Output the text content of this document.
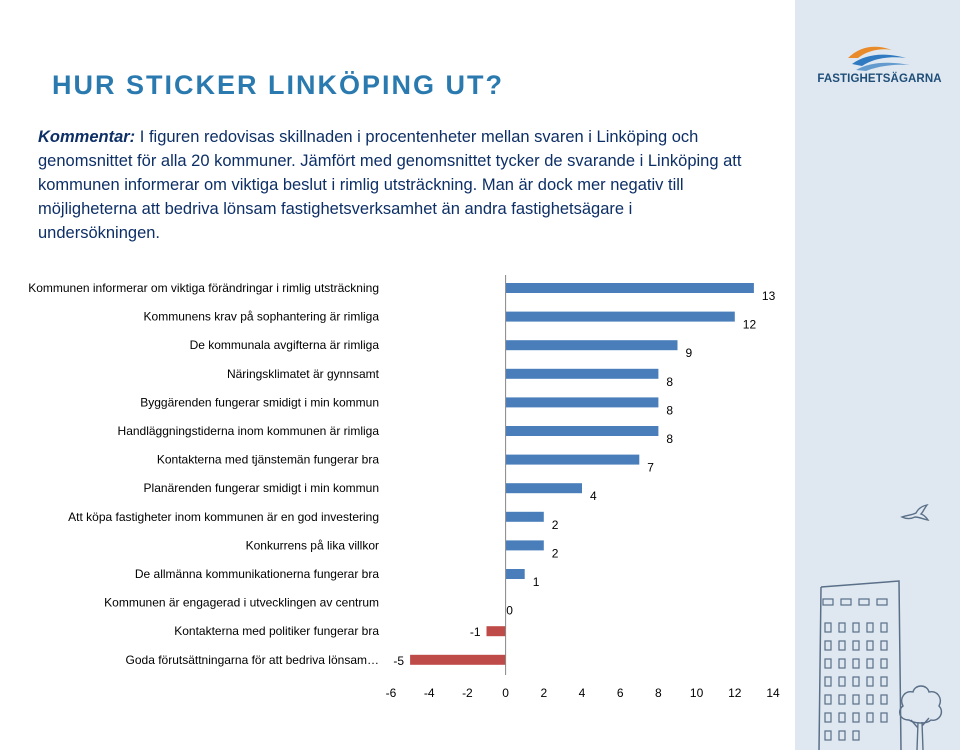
FASTIGHETSÄGARNA
HUR STICKER LINKÖPING UT?
Kommentar: I figuren redovisas skillnaden i procentenheter mellan svaren i Linköping och genomsnittet för alla 20 kommuner. Jämfört med genomsnittet tycker de svarande i Linköping att kommunen informerar om viktiga beslut i rimlig utsträckning. Man är dock mer negativ till möjligheterna att bedriva lönsam fastighetsverksamhet än andra fastighetsägare i undersökningen.
Kommunen informerar om viktiga förändringar i rimlig utsträckning
Kommunens krav på sophantering är rimliga
De kommunala avgifterna är rimliga
Näringsklimatet är gynnsamt
Byggärenden fungerar smidigt i min kommun
Handläggningstiderna inom kommunen är rimliga
Kontakterna med tjänstemän fungerar bra
Planärenden fungerar smidigt i min kommun
Att köpa fastigheter inom kommunen är en god investering
Konkurrens på lika villkor
De allmänna kommunikationerna fungerar bra
Kommunen är engagerad i utvecklingen av centrum
Kontakterna med politiker fungerar bra
Goda förutsättningarna för att bedriva lönsam…
13
12
9
8
8
8
7
4
2
2
1
0
-1
-5
-6 -4 -2 0	2	4	6	8 10 12 14
